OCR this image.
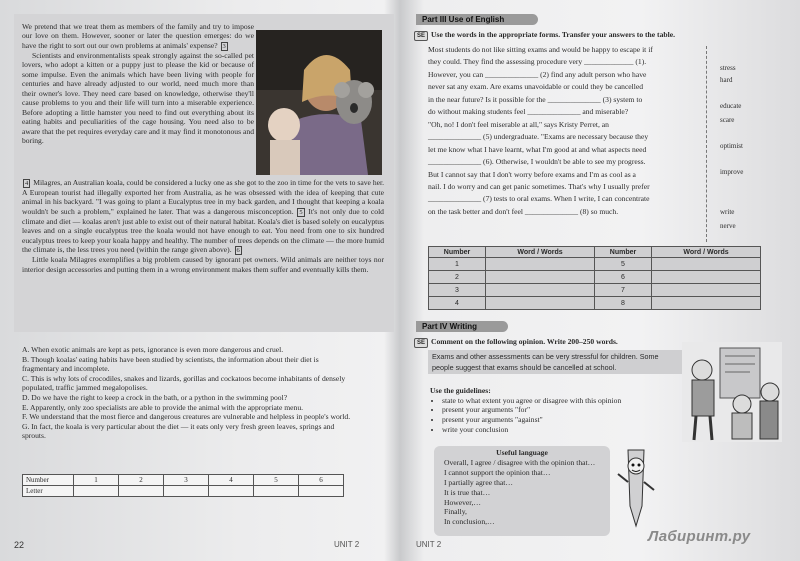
We pretend that we treat them as members of the family and try to impose our love on them. However, sooner or later the question emerges: do we have the right to sort out our own problems at animals' expense? 3

Scientists and environmentalists speak strongly against the so-called pet lovers, who adopt a kitten or a puppy just to please the kid or because of some impulse. Even the animals which have been living with people for centuries and have already adjusted to our world, need much more than their owner's love. They need care based on knowledge, otherwise they'll cause problems to you and their life will turn into a miserable experience. Before adopting a little hamster you need to find out everything about its eating habits and peculiarities of the cage housing. You need also to be aware that the pet requires everyday care and it may find it monotonous and boring.

4 Milagres, an Australian koala, could be considered a lucky one as she got to the zoo in time for the vets to save her. A European tourist had illegally exported her from Australia, as he was obsessed with the idea of keeping that cute animal in his backyard. "I was going to plant a Eucalyptus tree in my back garden, and I thought that keeping a koala wouldn't be such a problem," explained he later. That was a dangerous misconception. 5 It's not only due to cold climate and diet — koalas aren't just able to exist out of their natural habitat. Koala's diet is based solely on eucalyptus leaves and on a single eucalyptus tree the koala would not have enough to eat. You need from one to six hundred eucalyptus trees to keep your koala happy and healthy. The number of trees depends on the climate — the more humid the climate is, the less trees you need (within the range given above). 6

Little koala Milagres exemplifies a big problem caused by ignorant pet owners. Wild animals are neither toys nor interior design accessories and putting them in a wrong environment makes them suffer and eventually kills them.

A. When exotic animals are kept as pets, ignorance is even more dangerous and cruel.
B. Though koalas' eating habits have been studied by scientists, the information about their diet is fragmentary and incomplete.
C. This is why lots of crocodiles, snakes and lizards, gorillas and cockatoos become inhabitants of densely populated, traffic jammed megalopolises.
D. Do we have the right to keep a crock in the bath, or a python in the swimming pool?
E. Apparently, only zoo specialists are able to provide the animal with the appropriate menu.
F. We understand that the most fierce and dangerous creatures are vulnerable and helpless in people's world.
G. In fact, the koala is very particular about the diet — it eats only very fresh green leaves, springs and sprouts.
Number	1	2	3	4	5	6
Letter						
22	UNIT 2
Part III Use of English
SE Use the words in the appropriate forms. Transfer your answers to the table.

Most students do not like sitting exams and would be happy to escape it if

they could. They find the assessing procedure very _____________ (1).

However, you can ______________ (2) find any adult person who have

never sat any exam. Are exams unavoidable or could they be cancelled

in the near future? Is it possible for the ______________ (3) system to

do without making students feel ______________ and miserable?

"Oh, no! I don't feel miserable at all," says Kristy Perret, an

______________ (5) undergraduate. "Exams are necessary because they

let me know what I have learnt, what I'm good at and what aspects need

______________ (6). Otherwise, I wouldn't be able to see my progress.

But I cannot say that I don't worry before exams and I'm as cool as a

nail. I do worry and can get panic sometimes. That's why I usually prefer

______________ (7) tests to oral exams. When I write, I can concentrate

on the task better and don't feel ______________ (8) so much.

stress
hard
educate
scare
optimist
improve
write
nerve
Number	Word / Words	Number	Word / Words
1		5	
2		6	
3		7	
4		8	
Part IV Writing
SE Comment on the following opinion. Write 200–250 words.
Exams and other assessments can be very stressful for children. Some people suggest that exams should be cancelled at school.
Use the guidelines:
• state to what extent you agree or disagree with this opinion
• present your arguments "for"
• present your arguments "against"
• write your conclusion
Useful language
Overall, I agree / disagree with the opinion that…
I cannot support the opinion that…
I partially agree that…
It is true that…
However,…
Finally,
In conclusion,…
UNIT 2	Лабиринт.ру
